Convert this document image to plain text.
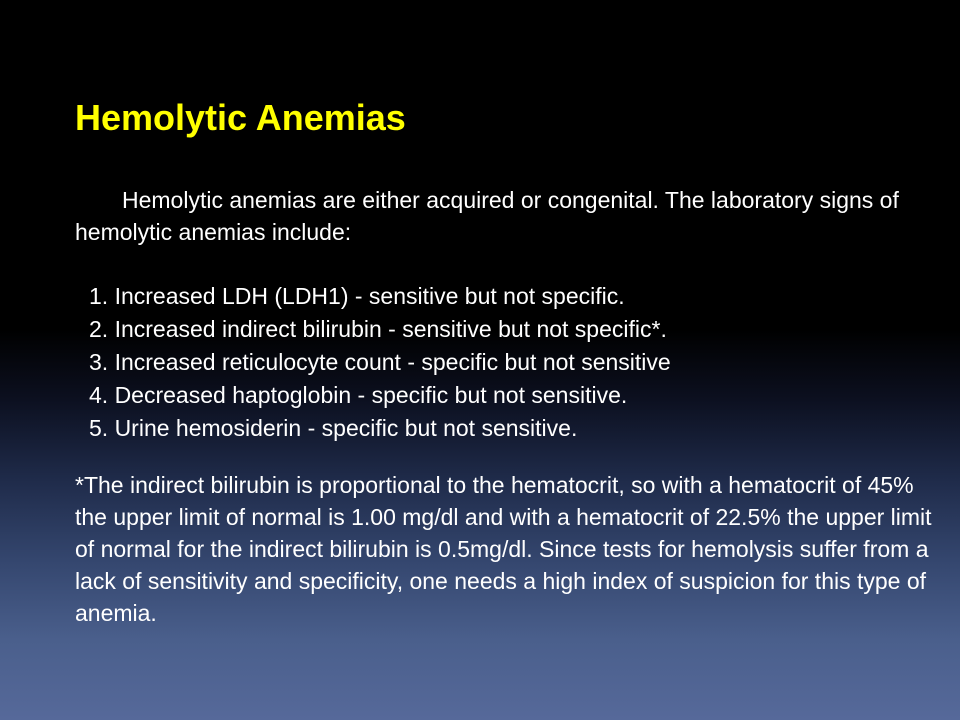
Hemolytic Anemias

Hemolytic anemias are either acquired or congenital. The laboratory signs of hemolytic anemias include:

1. Increased LDH (LDH1) - sensitive but not specific.
2. Increased indirect bilirubin - sensitive but not specific*.
3. Increased reticulocyte count - specific but not sensitive
4. Decreased haptoglobin - specific but not sensitive.
5. Urine hemosiderin - specific but not sensitive.

*The indirect bilirubin is proportional to the hematocrit, so with a hematocrit of 45% the upper limit of normal is 1.00 mg/dl and with a hematocrit of 22.5% the upper limit of normal for the indirect bilirubin is 0.5mg/dl. Since tests for hemolysis suffer from a lack of sensitivity and specificity, one needs a high index of suspicion for this type of anemia.
